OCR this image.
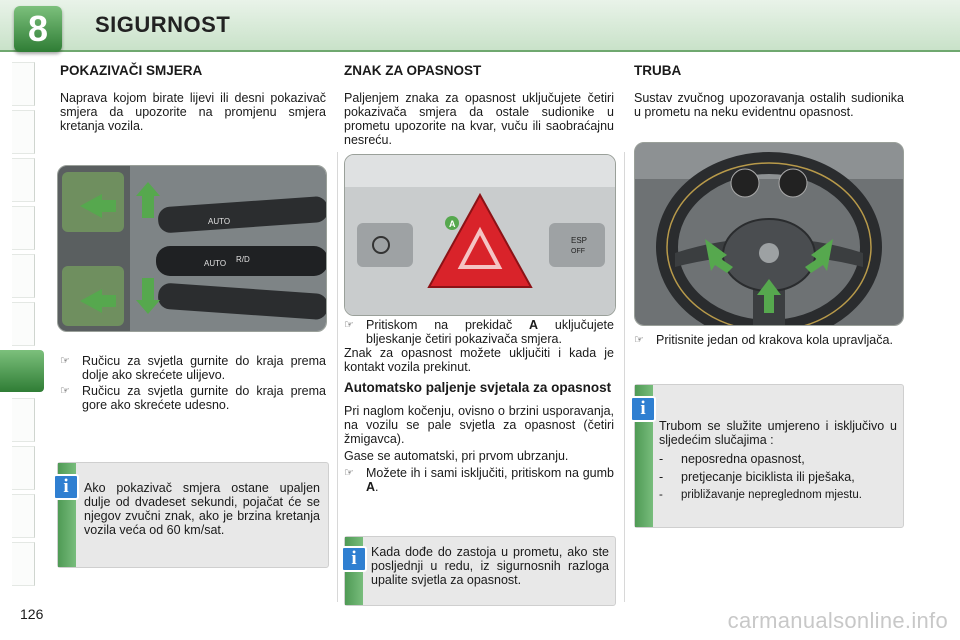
8	SIGURNOST
POKAZIVAČI SMJERA

Naprava kojom birate lijevi ili desni pokazivač smjera da upozorite na promjenu smjera kretanja vozila.

AUTO
AUTO R/D
☞ Ručicu za svjetla gurnite do kraja prema dolje ako skrećete ulijevo.
☞ Ručicu za svjetla gurnite do kraja prema gore ako skrećete udesno.

Ako pokazivač smjera ostane upaljen dulje od dvadeset sekundi, pojačat će se njegov zvučni znak, ako je brzina kretanja vozila veća od 60 km/sat.

i
ZNAK ZA OPASNOST

Paljenjem znaka za opasnost uključujete četiri pokazivača smjera da ostale sudionike u prometu upozorite na kvar, vuču ili saobraćajnu nesreću.

ESP
OFF
A
☞ Pritiskom na prekidač A uključujete bljeskanje četiri pokazivača smjera.

Znak za opasnost možete uključiti i kada je kontakt vozila prekinut.

Automatsko paljenje svjetala za opasnost

Pri naglom kočenju, ovisno o brzini usporavanja, na vozilu se pale svjetla za opasnost (četiri žmigavca).

Gase se automatski, pri prvom ubrzanju.

☞ Možete ih i sami isključiti, pritiskom na gumb A.

Kada dođe do zastoja u prometu, ako ste posljednji u redu, iz sigurnosnih razloga upalite svjetla za opasnost.

i
TRUBA

Sustav zvučnog upozoravanja ostalih sudionika u prometu na neku evidentnu opasnost.

☞ Pritisnite jedan od krakova kola upravljača.

Trubom se služite umjereno i isključivo u sljedećim slučajima :

- neposredna opasnost,
- pretjecanje biciklista ili pješaka,
- približavanje nepreglednom mjestu.
i
126	carmanualsonline.info
